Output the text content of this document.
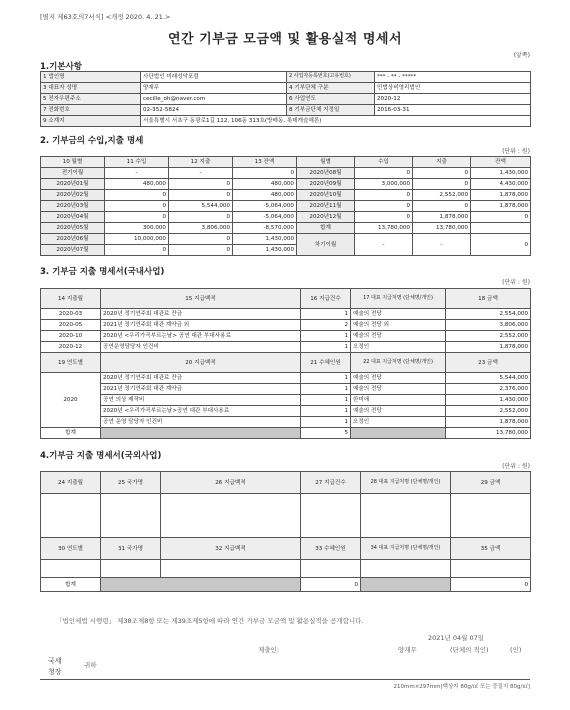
[별지 제63호의7서식] <개정 2020. 4. 21.>
연간 기부금 모금액 및 활용실적 명세서
(앞쪽)
1.기본사항
1 법인명	사단법인 미래성악포럼	2 사업자등록번호(고유번호)	*** - ** - *****
3 대표자 성명	양재무	4 기부단체 구분	민법상비영리법인
5 전자우편주소	cecille_oh@naver.com	6 사업연도	2020-12
7 전화번호	02-352-5824	8 기부금단체 지정일	2016-03-31
9 소재지	서울특별시 서초구 동광로1길 112, 106동 313호(방배동, 롯데캐슬헤론)		
2. 기부금의 수입,지출 명세
(단위 : 원)
10 월별	11 수입	12 지출	13 잔액	월별	수입	지출	잔액
전기이월	-	-	0	2020년08월	0	0	1,430,000
2020년01월	480,000	0	480,000	2020년09월	3,000,000	0	4,430,000
2020년02월	0	0	480,000	2020년10월	0	2,552,000	1,878,000
2020년03월	0	5,544,000	-5,064,000	2020년11월	0	0	1,878,000
2020년04월	0	0	-5,064,000	2020년12월	0	1,878,000	0
2020년05월	300,000	3,806,000	-8,570,000	합계	13,780,000	13,780,000	
2020년06월	10,000,000	0	1,430,000	차기이월	-	-	0
2020년07월	0	0	1,430,000				
3. 기부금 지출 명세서(국내사업)
(단위 : 원)
14 지출월	15 지급백적	16 지급건수	17 대표 지급처명 (단체명/개인)	18 금액
2020-03	2020년 정기연주회 대관료 잔금	1	예술의 전당	2,554,000
2020-05	2021년 정기연주회 대관 계약금 외	2	예술의 전당 외	3,806,000
2020-10	2020년 <우리가곡부르는날> 공연 대관 부대사용료	1	예술의 전당	2,552,000
2020-12	공연운영담당자 인건비	1	오정인	1,878,000
19 연도별	20 지급백적	21 수혜인원	22 대표 지급처명 (단체명/개인)	23 금액
2020	2020년 정기연주회 대관료 잔금	1	예술의 전당	5,544,000
	2021년 정기연주회 대관 계약금	1	예술의 전당	2,376,000
	공연 의상 제작비	1	한미애	1,430,000
	2020년 <우리가곡부르는날>공연 대관 부대사용료	1	예술의 전당	2,552,000
	공연 운영 담당자 인건비	1	오정인	1,878,000
합계		5		13,780,000
4.기부금 지출 명세서(국외사업)
(단위 : 원)
24 지출월	25 국가명	26 지급백적	27 지급건수	28 대표 지급처명 (단체명/개인)	29 금액

30 연도별	31 국가명	32 지급백적	33 수혜인원	34 대표 지급처명 (단체명/개인)	35 금액

합계			0		0
「법인세법 시행령」 제38조제8항 또는 제39조제5항에 따라 연간 기부금 모금액 및 활용실적을 공개합니다.
2021년 04월 07일
제출인:	양재무	(단체의 직인)	(인)
국세청장
귀하
210mm×297mm[백상지 80g/㎡ 또는 중질지 80g/㎡]
